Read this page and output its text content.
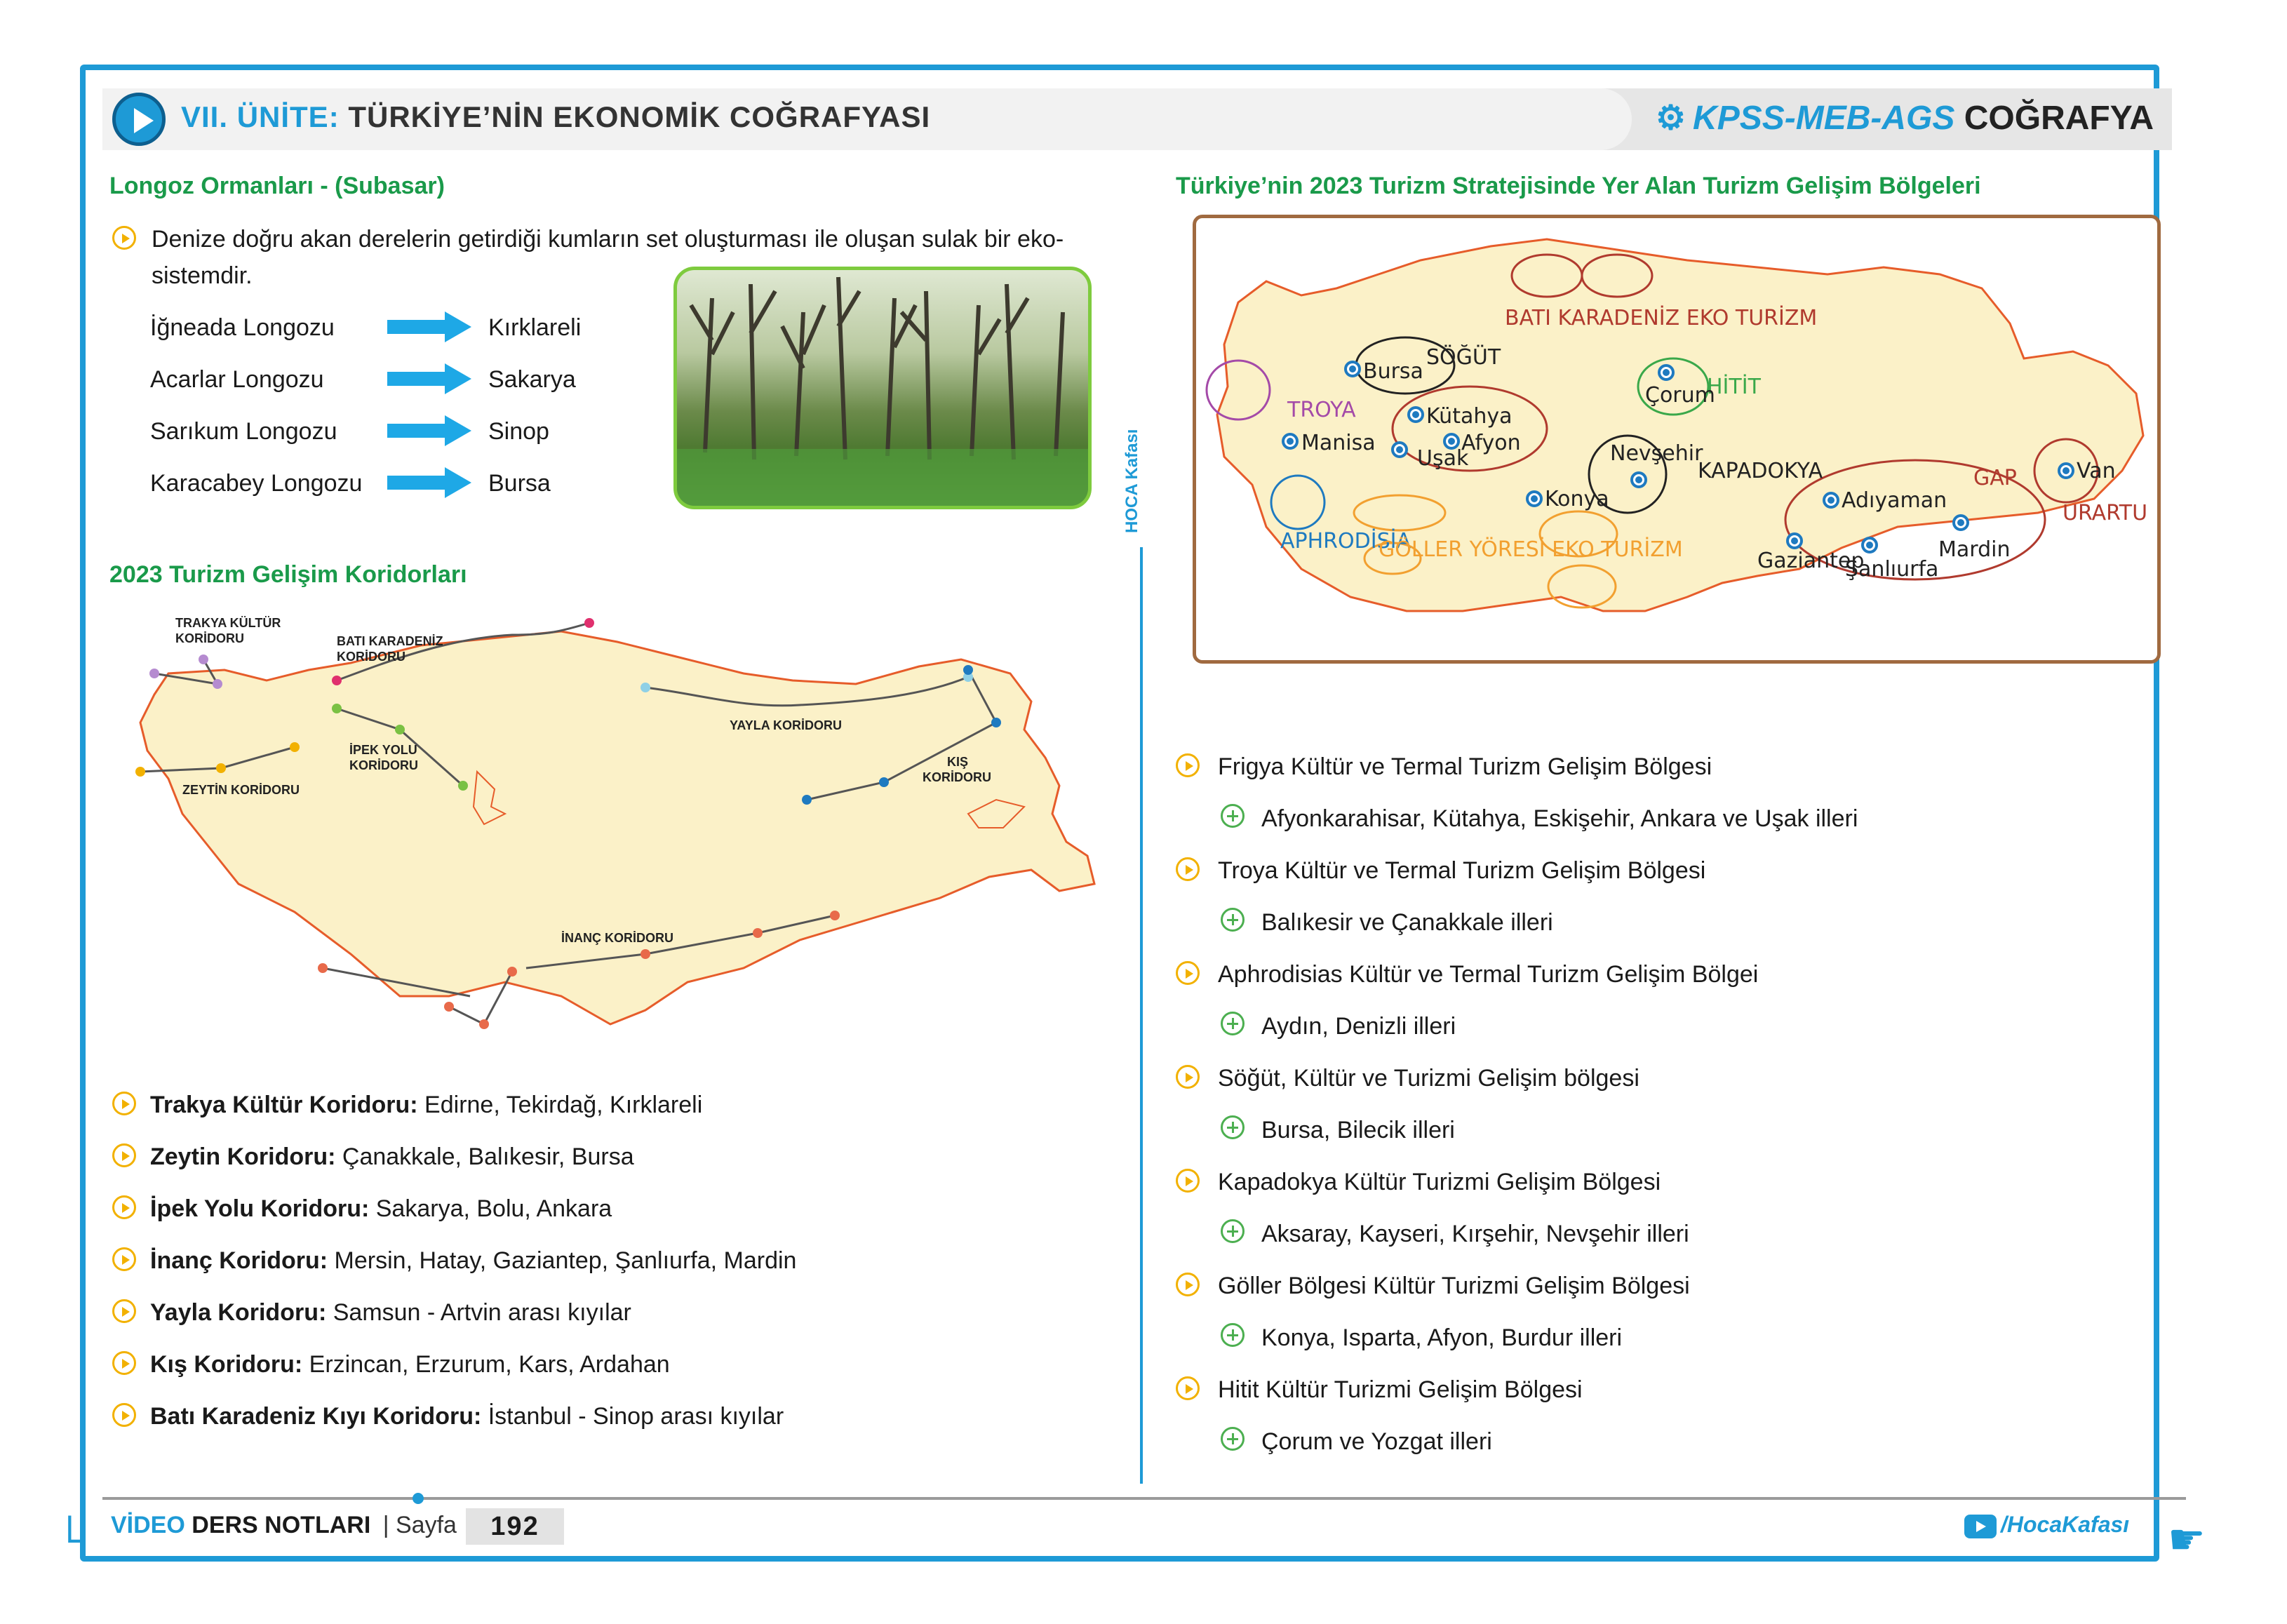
└	☛
VII. ÜNİTE: TÜRKİYE’NİN EKONOMİK COĞRAFYASI	⚙ KPSS-MEB-AGS COĞRAFYA
Longoz Ormanları - (Subasar)
Denize doğru akan derelerin getirdiği kumların set oluşturması ile oluşan sulak bir eko-
sistemdir.
İğneada Longozu	Kırklareli
Acarlar Longozu	Sakarya
Sarıkum Longozu	Sinop
Karacabey Longozu	Bursa
2023 Turizm Gelişim Koridorları
TRAKYA KÜLTÜR
KORİDORU	BATI KARADENİZ
KORİDORU
YAYLA KORİDORU
İPEK YOLU
KORİDORU	KIŞ
KORİDORU
ZEYTİN KORİDORU
İNANÇ KORİDORU
Trakya Kültür Koridoru: Edirne, Tekirdağ, Kırklareli
Zeytin Koridoru: Çanakkale, Balıkesir, Bursa
İpek Yolu Koridoru: Sakarya, Bolu, Ankara
İnanç Koridoru: Mersin, Hatay, Gaziantep, Şanlıurfa, Mardin
Yayla Koridoru: Samsun - Artvin arası kıyılar
Kış Koridoru: Erzincan, Erzurum, Kars, Ardahan
Batı Karadeniz Kıyı Koridoru: İstanbul - Sinop arası kıyılar
HOCA Kafası
Türkiye’nin 2023 Turizm Stratejisinde Yer Alan Turizm Gelişim Bölgeleri
BATI KARADENİZ EKO TURİZM
SÖĞÜT
HİTİT
TROYA
KAPADOKYA	GAP
URARTU
APHRODİSİA
GÖLLER YÖRESİ EKO TURİZM
Bursa
Kütahya
Manisa	Afyon
Uşak
Çorum
Nevşehir
Konya	Adıyaman
Van
Mardin
Gaziantep
Şanlıurfa
Frigya Kültür ve Termal Turizm Gelişim Bölgesi
Afyonkarahisar, Kütahya, Eskişehir, Ankara ve Uşak illeri
Troya Kültür ve Termal Turizm Gelişim Bölgesi
Balıkesir ve Çanakkale illeri
Aphrodisias Kültür ve Termal Turizm Gelişim Bölgei
Aydın, Denizli illeri
Söğüt, Kültür ve Turizmi Gelişim bölgesi
Bursa, Bilecik illeri
Kapadokya Kültür Turizmi Gelişim Bölgesi
Aksaray, Kayseri, Kırşehir, Nevşehir illeri
Göller Bölgesi Kültür Turizmi Gelişim Bölgesi
Konya, Isparta, Afyon, Burdur illeri
Hitit Kültür Turizmi Gelişim Bölgesi
Çorum ve Yozgat illeri
VİDEO DERS NOTLARI | Sayfa	192	/HocaKafası
